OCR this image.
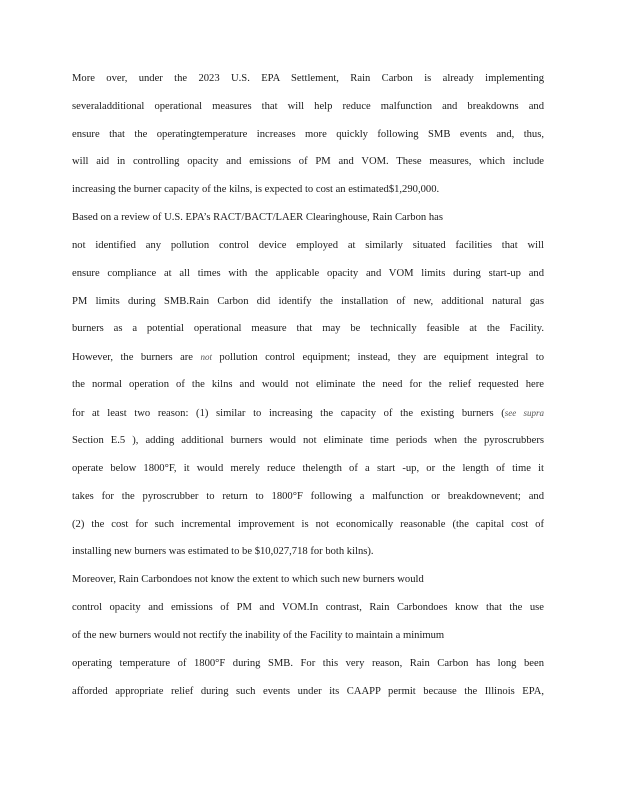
More over, under the 2023 U.S. EPA Settlement, Rain Carbon is already implementing
severaladditional operational measures that will help reduce malfunction and breakdowns and
ensure that the operatingtemperature increases more quickly following SMB events and, thus,
will aid in controlling opacity and emissions of PM and VOM. These measures, which include
increasing the burner capacity of the kilns, is expected to cost an estimated$1,290,000.
Based on a review of U.S. EPA’s RACT/BACT/LAER Clearinghouse, Rain Carbon has
not identified any pollution control device employed at similarly situated facilities that will
ensure compliance at all times with the applicable opacity and VOM limits during start-up and
PM limits during SMB.Rain Carbon did identify the installation of new, additional natural gas
burners as a potential operational measure that may be technically feasible at the Facility.
However, the burners are not pollution control equipment; instead, they are equipment integral to
the normal operation of the kilns and would not eliminate the need for the relief requested here
for at least two reason: (1) similar to increasing the capacity of the existing burners (see supra
Section E.5 ), adding additional burners would not eliminate time periods when the pyroscrubbers
operate below 1800°F, it would merely reduce thelength of a start -up, or the length of time it
takes for the pyroscrubber to return to 1800°F following a malfunction or breakdownevent; and
(2) the cost for such incremental improvement is not economically reasonable (the capital cost of
installing new burners was estimated to be $10,027,718 for both kilns).
Moreover, Rain Carbondoes not know the extent to which such new burners would
control opacity and emissions of PM and VOM.In contrast, Rain Carbondoes know that the use
of the new burners would not rectify the inability of the Facility to maintain a minimum
operating temperature of 1800°F during SMB. For this very reason, Rain Carbon has long been
afforded appropriate relief during such events under its CAAPP permit because the Illinois EPA,
